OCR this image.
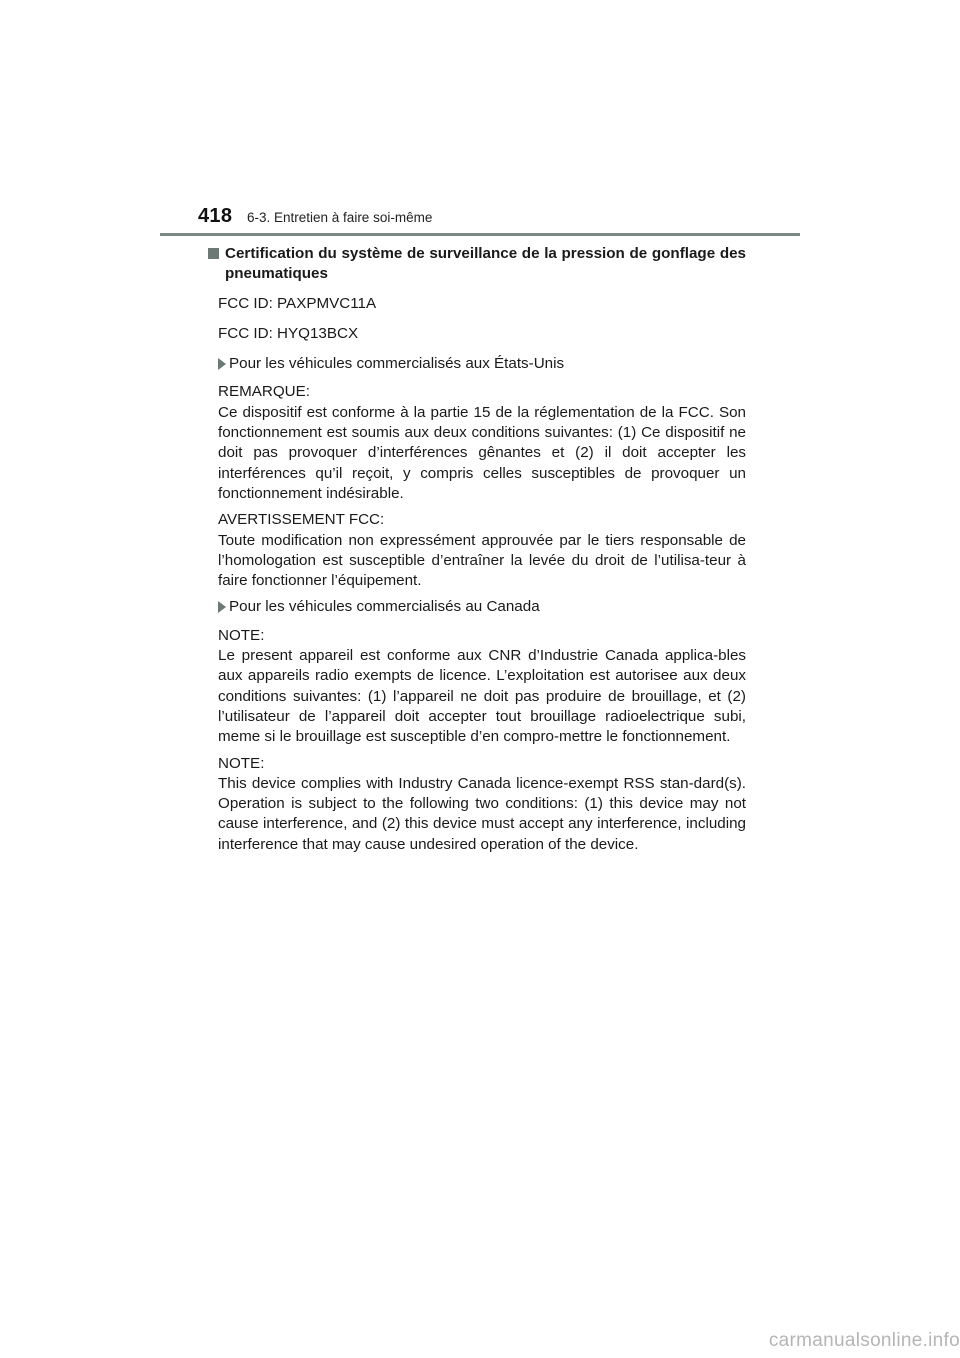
418 6-3. Entretien à faire soi-même
Certification du système de surveillance de la pression de gonflage des pneumatiques

FCC ID: PAXPMVC11A

FCC ID: HYQ13BCX

Pour les véhicules commercialisés aux États-Unis
REMARQUE:
Ce dispositif est conforme à la partie 15 de la réglementation de la FCC. Son fonctionnement est soumis aux deux conditions suivantes: (1) Ce dispositif ne doit pas provoquer d’interférences gênantes et (2) il doit accepter les interférences qu’il reçoit, y compris celles susceptibles de provoquer un fonctionnement indésirable.
AVERTISSEMENT FCC:
Toute modification non expressément approuvée par le tiers responsable de l’homologation est susceptible d’entraîner la levée du droit de l’utilisa-teur à faire fonctionner l’équipement.
Pour les véhicules commercialisés au Canada
NOTE:
Le present appareil est conforme aux CNR d’Industrie Canada applica-bles aux appareils radio exempts de licence. L’exploitation est autorisee aux deux conditions suivantes: (1) l’appareil ne doit pas produire de brouillage, et (2) l’utilisateur de l’appareil doit accepter tout brouillage radioelectrique subi, meme si le brouillage est susceptible d’en compro-mettre le fonctionnement.
NOTE:
This device complies with Industry Canada licence-exempt RSS stan-dard(s). Operation is subject to the following two conditions: (1) this device may not cause interference, and (2) this device must accept any interference, including interference that may cause undesired operation of the device.
carmanualsonline.info
